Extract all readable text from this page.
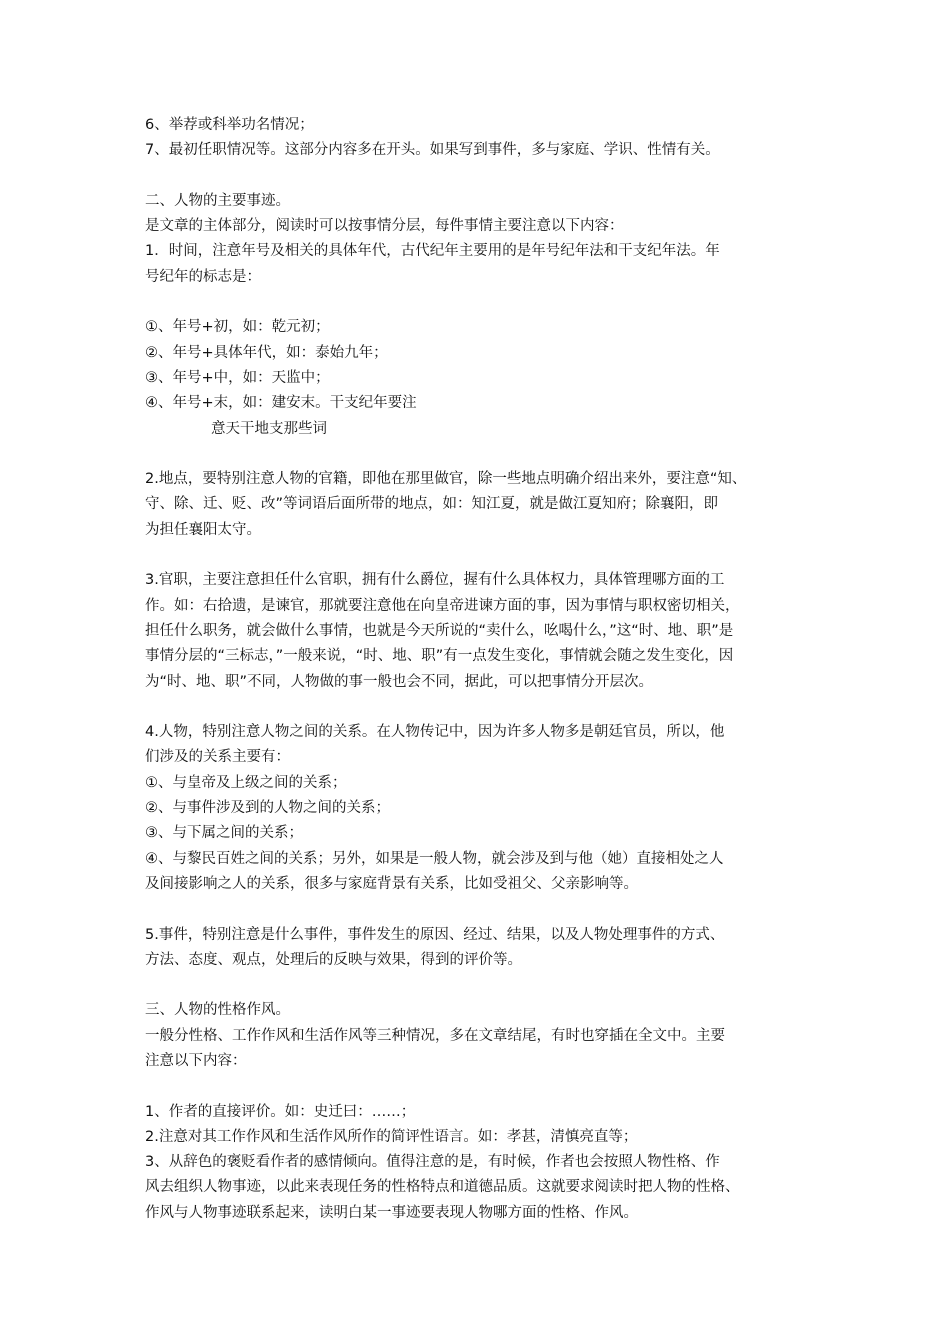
6、举荐或科举功名情况；
7、最初任职情况等。这部分内容多在开头。如果写到事件，多与家庭、学识、性情有关。
二、人物的主要事迹。
是文章的主体部分，阅读时可以按事情分层，每件事情主要注意以下内容：
1．时间，注意年号及相关的具体年代，古代纪年主要用的是年号纪年法和干支纪年法。年
号纪年的标志是：
①、年号+初，如：乾元初；
②、年号+具体年代，如：泰始九年；
③、年号+中，如：天监中；
④、年号+末，如：建安末。干支纪年要注
意天干地支那些词
2.地点，要特别注意人物的官籍，即他在那里做官，除一些地点明确介绍出来外，要注意“知、
守、除、迁、贬、改”等词语后面所带的地点，如：知江夏，就是做江夏知府；除襄阳，即
为担任襄阳太守。
3.官职，主要注意担任什么官职，拥有什么爵位，握有什么具体权力，具体管理哪方面的工
作。如：右拾遗，是谏官，那就要注意他在向皇帝进谏方面的事，因为事情与职权密切相关，
担任什么职务，就会做什么事情，也就是今天所说的“卖什么，吆喝什么，”这“时、地、职”是
事情分层的“三标志，”一般来说，“时、地、职”有一点发生变化，事情就会随之发生变化，因
为“时、地、职”不同，人物做的事一般也会不同，据此，可以把事情分开层次。
4.人物，特别注意人物之间的关系。在人物传记中，因为许多人物多是朝廷官员，所以，他
们涉及的关系主要有：
①、与皇帝及上级之间的关系；
②、与事件涉及到的人物之间的关系；
③、与下属之间的关系；
④、与黎民百姓之间的关系；另外，如果是一般人物，就会涉及到与他（她）直接相处之人
及间接影响之人的关系，很多与家庭背景有关系，比如受祖父、父亲影响等。
5.事件，特别注意是什么事件，事件发生的原因、经过、结果，以及人物处理事件的方式、
方法、态度、观点，处理后的反映与效果，得到的评价等。
三、人物的性格作风。
一般分性格、工作作风和生活作风等三种情况，多在文章结尾，有时也穿插在全文中。主要
注意以下内容：
1、作者的直接评价。如：史迁曰：……；
2.注意对其工作作风和生活作风所作的简评性语言。如：孝甚，清慎亮直等；
3、从辞色的褒贬看作者的感情倾向。值得注意的是，有时候，作者也会按照人物性格、作
风去组织人物事迹，以此来表现任务的性格特点和道德品质。这就要求阅读时把人物的性格、
作风与人物事迹联系起来，读明白某一事迹要表现人物哪方面的性格、作风。
